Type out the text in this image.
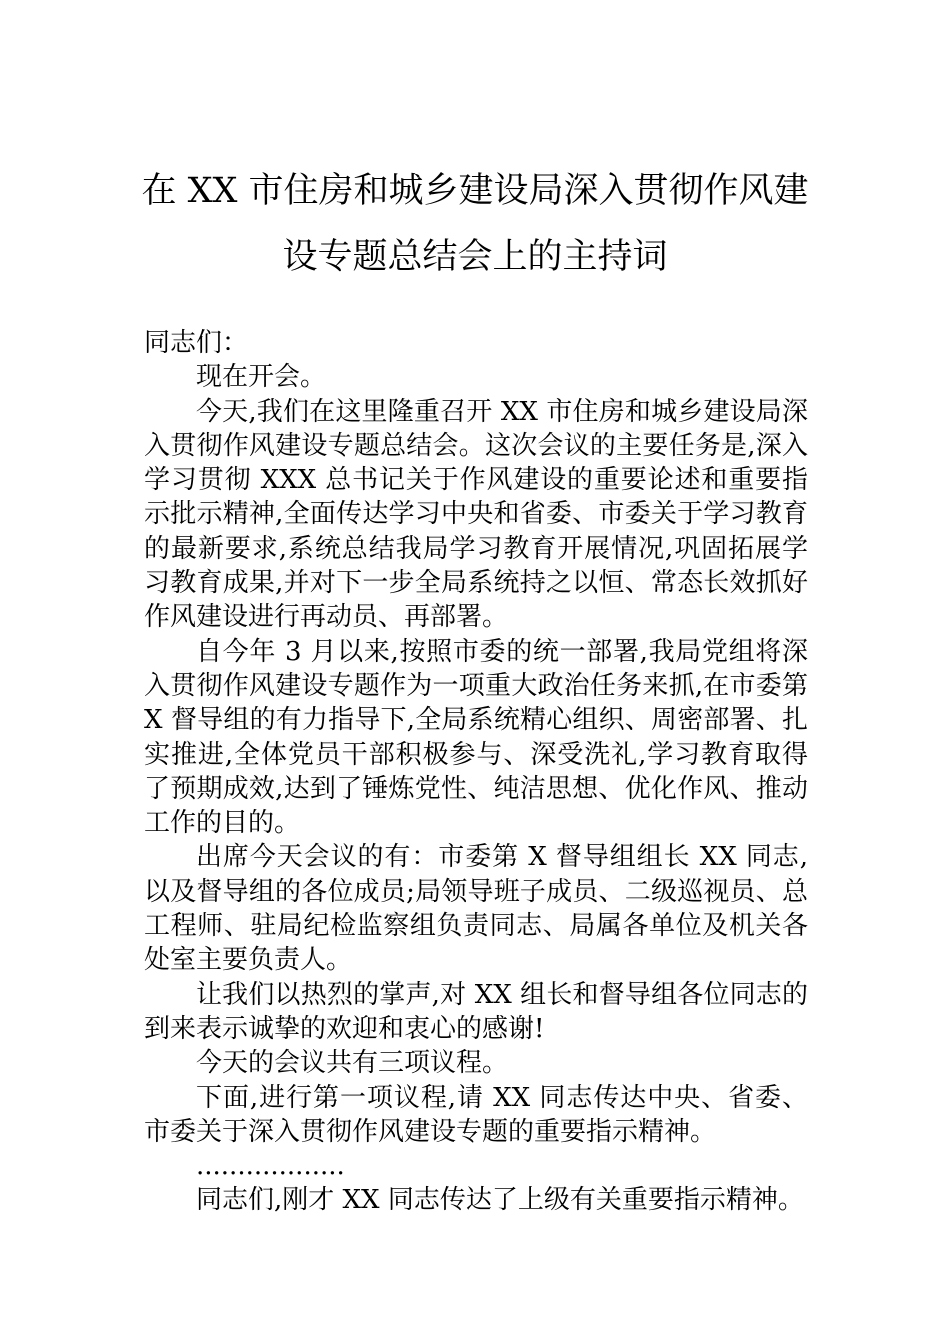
在 XX 市住房和城乡建设局深入贯彻作风建
设专题总结会上的主持词

同志们：

现在开会。

今天,我们在这里隆重召开 XX 市住房和城乡建设局深入贯彻作风建设专题总结会。这次会议的主要任务是,深入学习贯彻 XXX 总书记关于作风建设的重要论述和重要指示批示精神,全面传达学习中央和省委、市委关于学习教育的最新要求,系统总结我局学习教育开展情况,巩固拓展学习教育成果,并对下一步全局系统持之以恒、常态长效抓好作风建设进行再动员、再部署。

自今年 3 月以来,按照市委的统一部署,我局党组将深入贯彻作风建设专题作为一项重大政治任务来抓,在市委第 X 督导组的有力指导下,全局系统精心组织、周密部署、扎实推进,全体党员干部积极参与、深受洗礼,学习教育取得了预期成效,达到了锤炼党性、纯洁思想、优化作风、推动工作的目的。

出席今天会议的有：市委第 X 督导组组长 XX 同志,以及督导组的各位成员;局领导班子成员、二级巡视员、总工程师、驻局纪检监察组负责同志、局属各单位及机关各处室主要负责人。

让我们以热烈的掌声,对 XX 组长和督导组各位同志的到来表示诚挚的欢迎和衷心的感谢!

今天的会议共有三项议程。

下面,进行第一项议程,请 XX 同志传达中央、省委、市委关于深入贯彻作风建设专题的重要指示精神。

..................

同志们,刚才 XX 同志传达了上级有关重要指示精神。
